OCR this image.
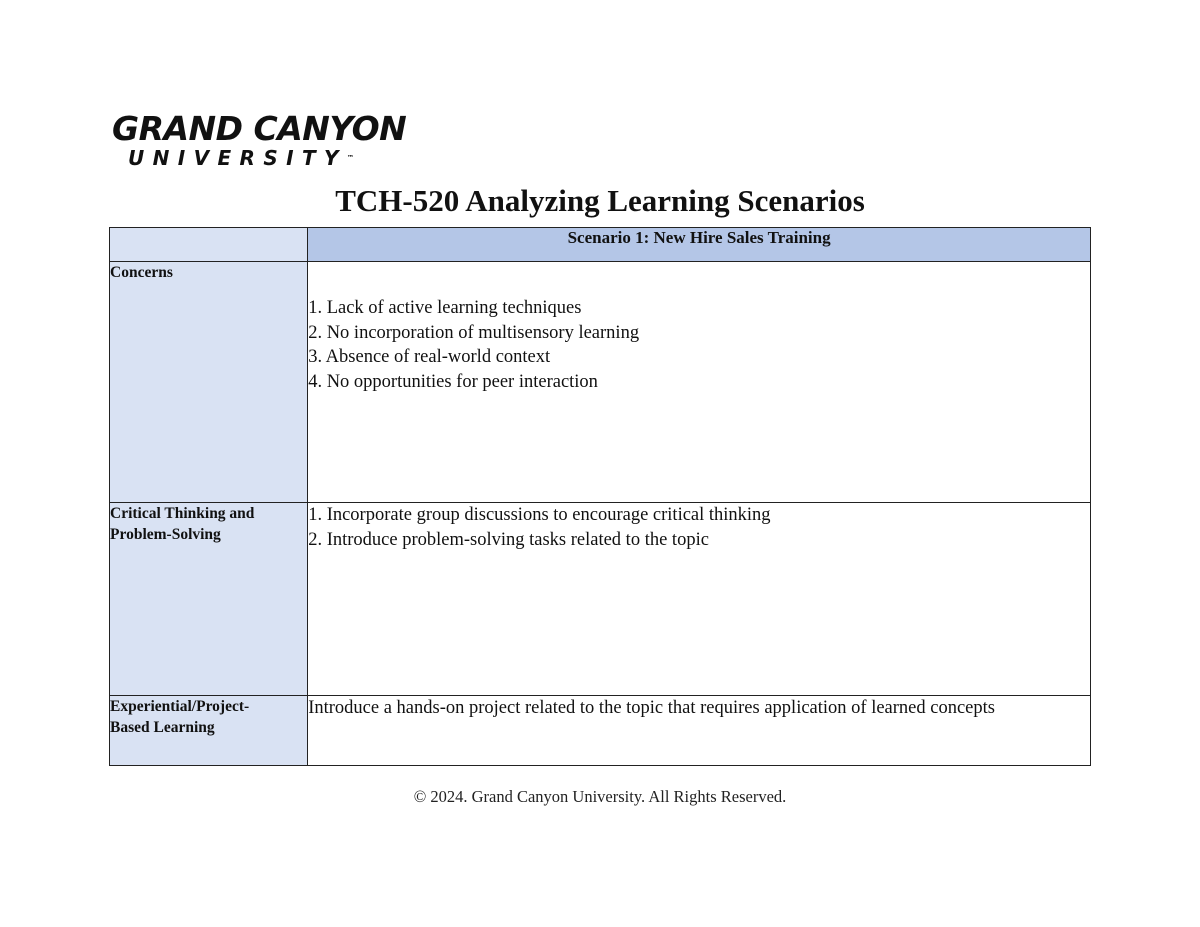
GRAND CANYON
UNIVERSITY™
TCH-520 Analyzing Learning Scenarios
	Scenario 1: New Hire Sales Training
Concerns	1. Lack of active learning techniques
2. No incorporation of multisensory learning
3. Absence of real-world context
4. No opportunities for peer interaction

Critical Thinking and
Problem-Solving	1. Incorporate group discussions to encourage critical thinking
2. Introduce problem-solving tasks related to the topic

Experiential/Project-
Based Learning	Introduce a hands-on project related to the topic that requires application of learned concepts
© 2024. Grand Canyon University. All Rights Reserved.
